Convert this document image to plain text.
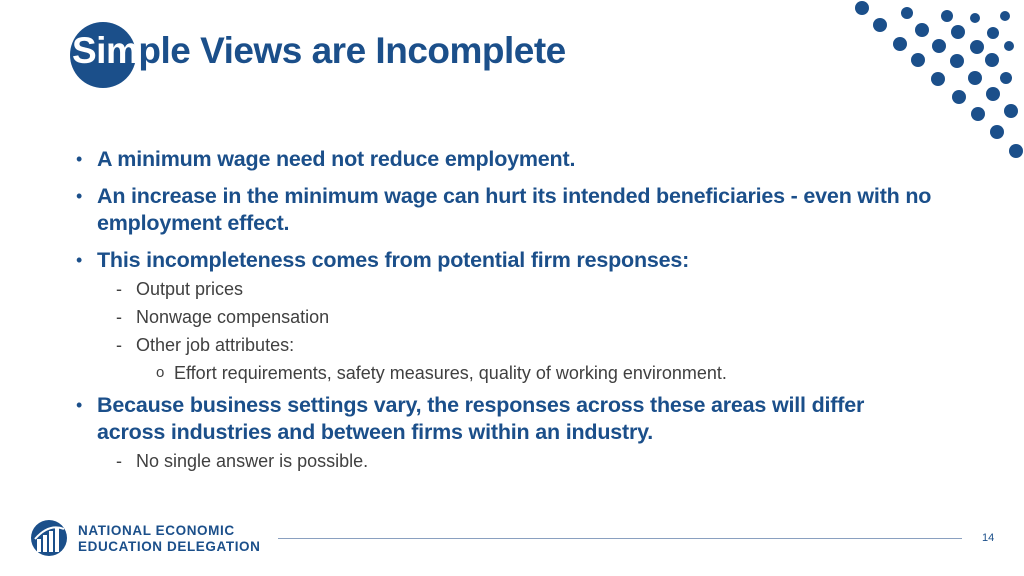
Simple Views are Incomplete
• A minimum wage need not reduce employment.
• An increase in the minimum wage can hurt its intended beneficiaries - even with no employment effect.
• This incompleteness comes from potential firm responses:
- Output prices
- Nonwage compensation
- Other job attributes:
o Effort requirements, safety measures, quality of working environment.
• Because business settings vary, the responses across these areas will differ across industries and between firms within an industry.
- No single answer is possible.
NATIONAL ECONOMIC
EDUCATION DELEGATION
14
